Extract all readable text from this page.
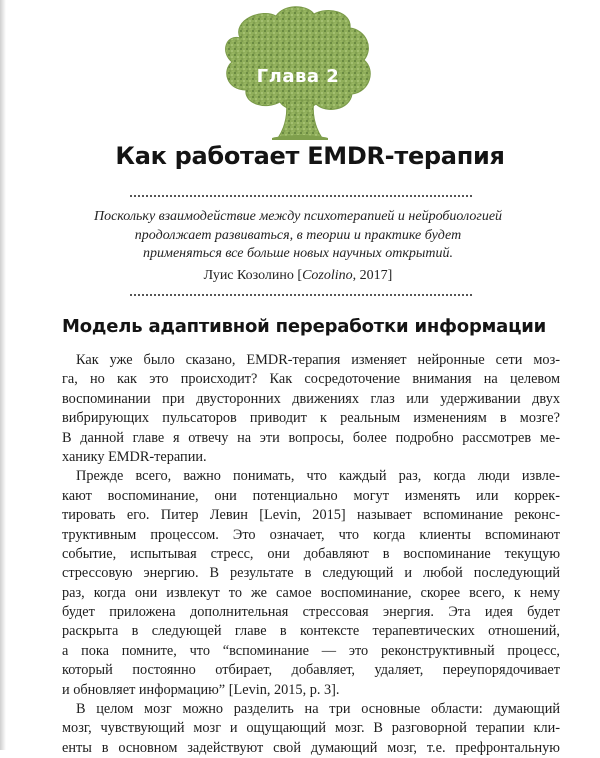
Глава 2
Как работает EMDR-терапия
Поскольку взаимодействие между психотерапией и нейробиологией
продолжает развиваться, в теории и практике будет
применяться все больше новых научных открытий.
Луис Козолино [Cozolino, 2017]
Модель адаптивной переработки информации
Как уже было сказано, EMDR-терапия изменяет нейронные сети моз-
га, но как это происходит? Как сосредоточение внимания на целевом
воспоминании при двусторонних движениях глаз или удерживании двух
вибрирующих пульсаторов приводит к реальным изменениям в мозге?
В данной главе я отвечу на эти вопросы, более подробно рассмотрев ме-
ханику EMDR-терапии.
Прежде всего, важно понимать, что каждый раз, когда люди извле-
кают воспоминание, они потенциально могут изменять или коррек-
тировать его. Питер Левин [Levin, 2015] называет вспоминание реконс-
труктивным процессом. Это означает, что когда клиенты вспоминают
событие, испытывая стресс, они добавляют в воспоминание текущую
стрессовую энергию. В результате в следующий и любой последующий
раз, когда они извлекут то же самое воспоминание, скорее всего, к нему
будет приложена дополнительная стрессовая энергия. Эта идея будет
раскрыта в следующей главе в контексте терапевтических отношений,
а пока помните, что “вспоминание — это реконструктивный процесс,
который постоянно отбирает, добавляет, удаляет, переупорядочивает
и обновляет информацию” [Levin, 2015, p. 3].
В целом мозг можно разделить на три основные области: думающий
мозг, чувствующий мозг и ощущающий мозг. В разговорной терапии кли-
енты в основном задействуют свой думающий мозг, т.е. префронтальную
